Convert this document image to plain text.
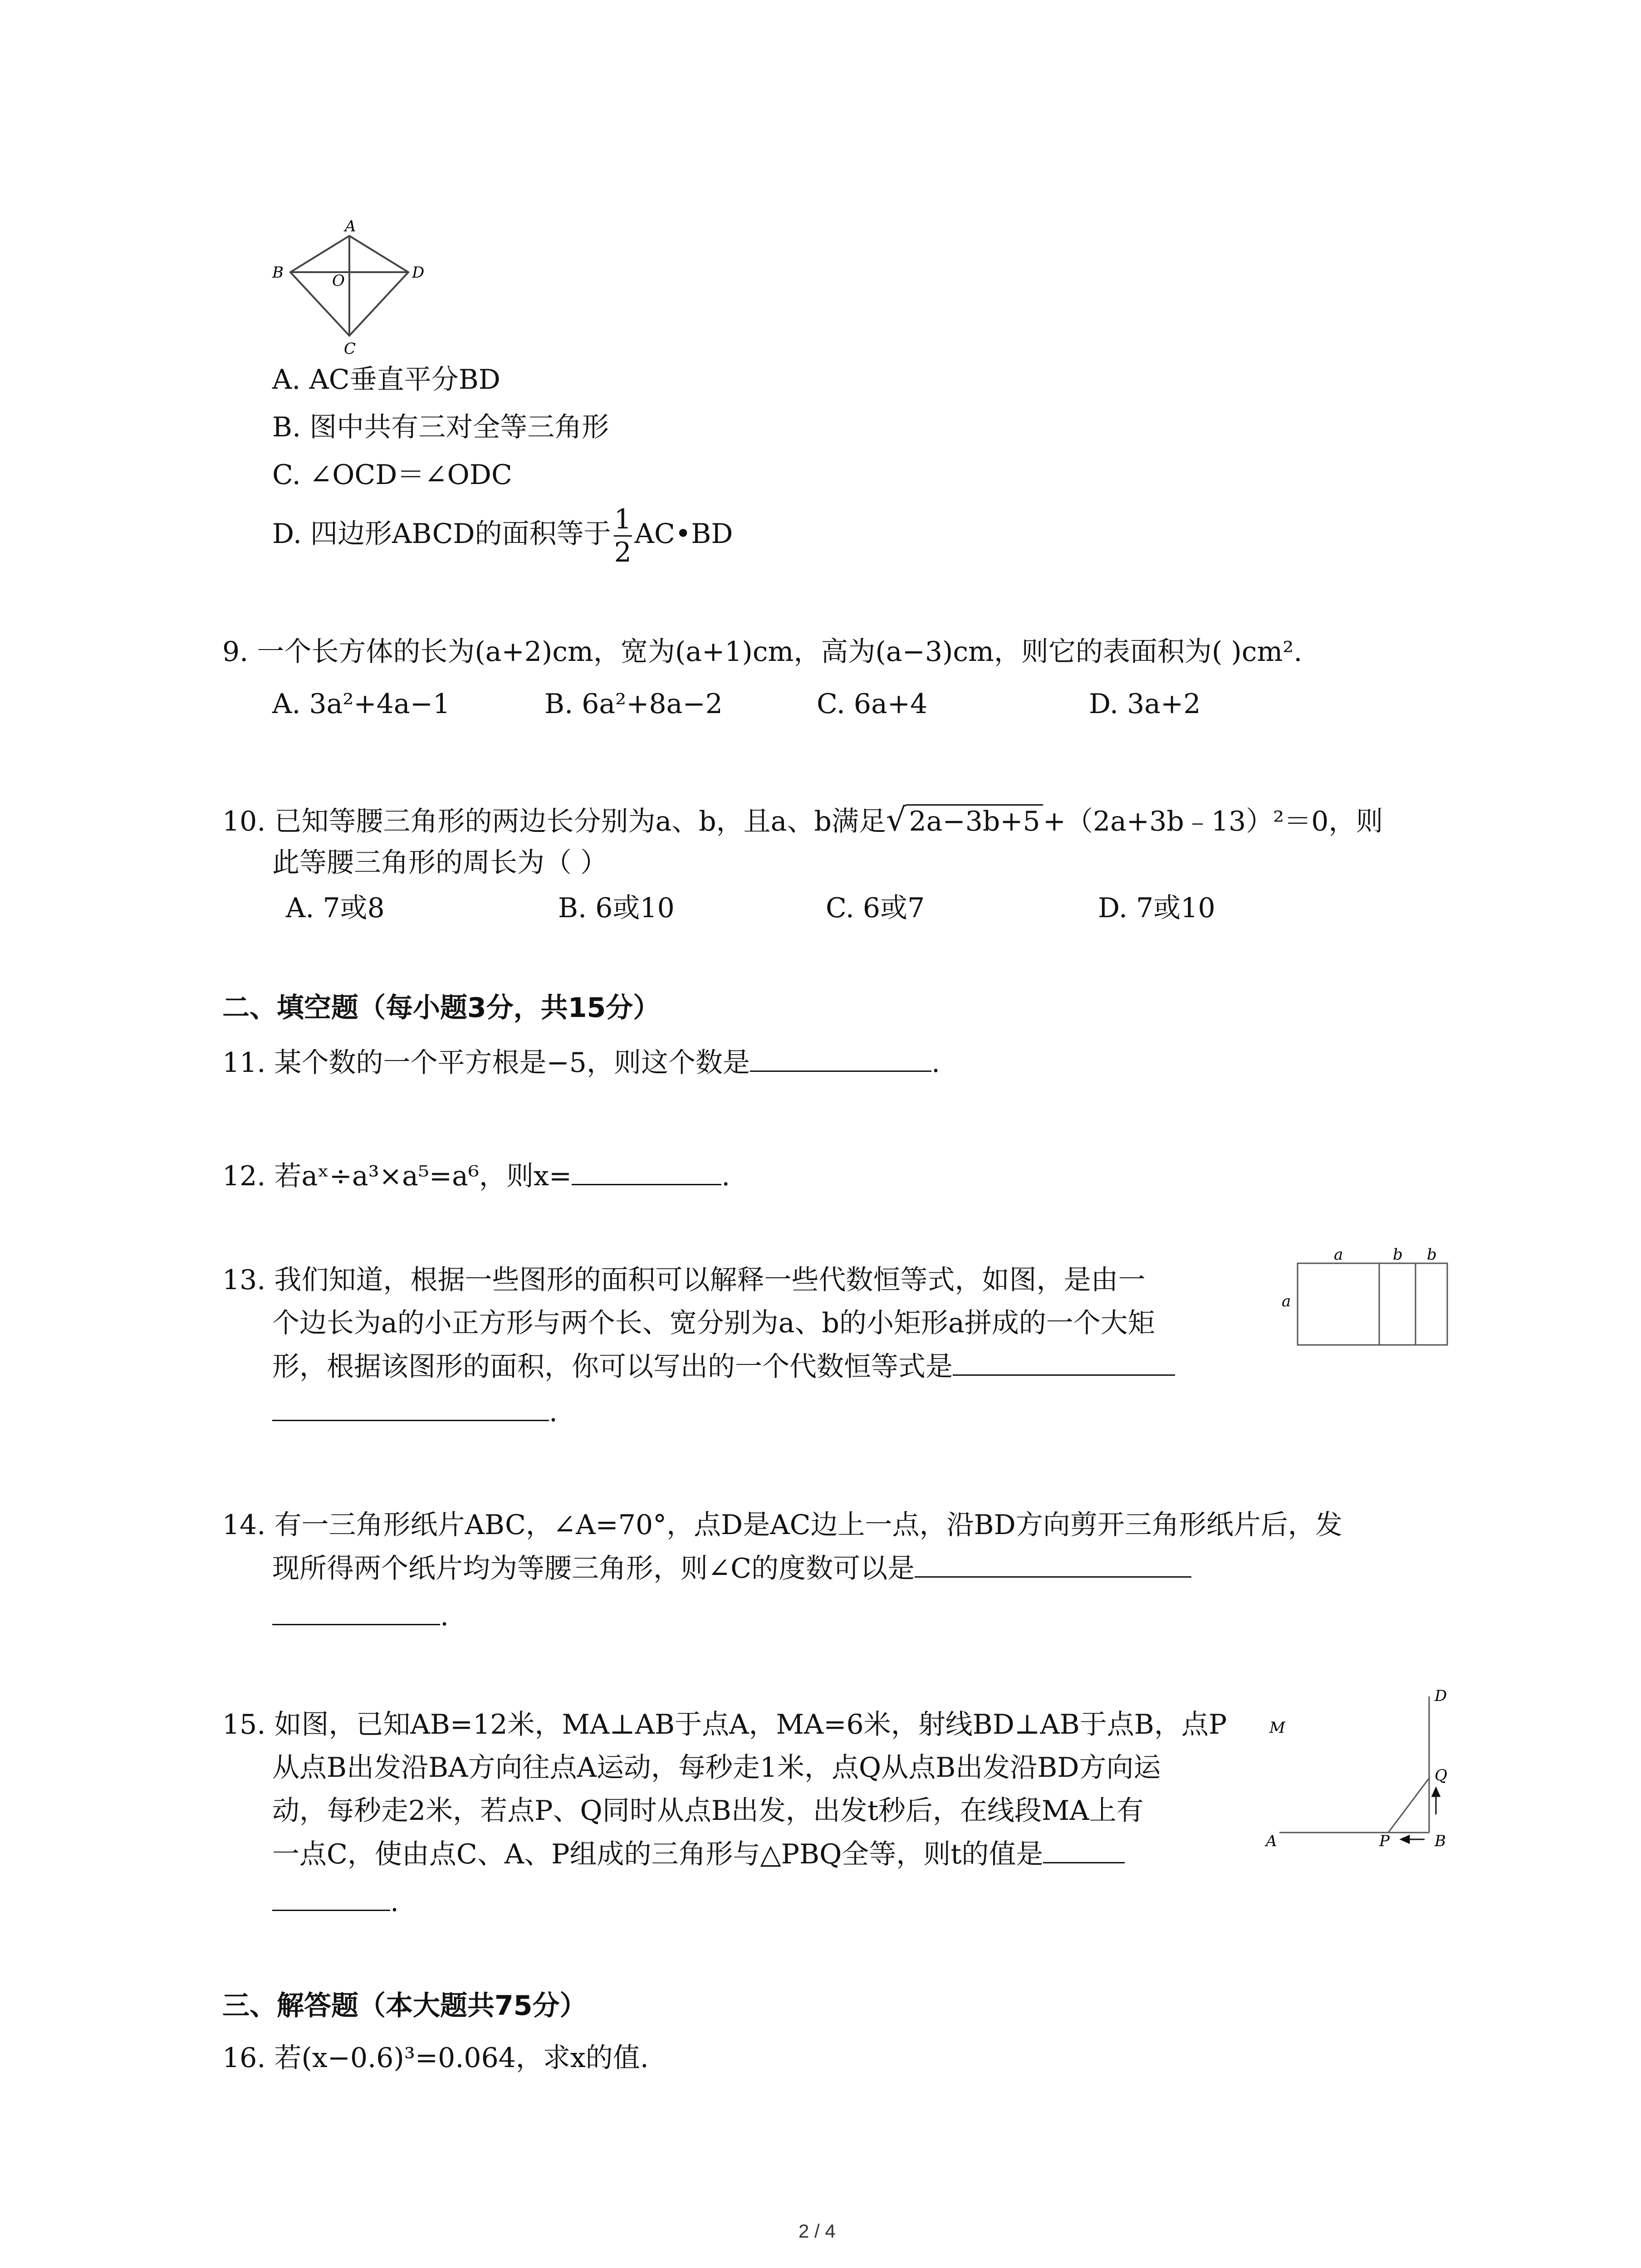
A
B	O	D
C
A. AC垂直平分BD
B. 图中共有三对全等三角形
C. ∠OCD＝∠ODC
D. 四边形ABCD的面积等于 $\frac{1}{2}$ AC•BD
9. 一个长方体的长为(a+2)cm，宽为(a+1)cm，高为(a−3)cm，则它的表面积为( )cm².
A. 3a²+4a−1	B. 6a²+8a−2	C. 6a+4	D. 3a+2
10. 已知等腰三角形的两边长分别为a、b，且a、b满足√ 2a−3b+5 +（2a+3b﹣13）²＝0，则
此等腰三角形的周长为（ ）
A. 7或8	B. 6或10	C. 6或7	D. 7或10
二、填空题（每小题3分，共15分）
11. 某个数的一个平方根是−5，则这个数是	.
12. 若aˣ÷a³×a⁵=a⁶，则x=	.
13. 我们知道，根据一些图形的面积可以解释一些代数恒等式，如图，是由一
个边长为a的小正方形与两个长、宽分别为a、b的小矩形a拼成的一个大矩
形，根据该图形的面积，你可以写出的一个代数恒等式是
.
a	b b
a
14. 有一三角形纸片ABC，∠A=70°，点D是AC边上一点，沿BD方向剪开三角形纸片后，发
现所得两个纸片均为等腰三角形，则∠C的度数可以是
.
15. 如图，已知AB=12米，MA⊥AB于点A，MA=6米，射线BD⊥AB于点B，点P
从点B出发沿BA方向往点A运动，每秒走1米，点Q从点B出发沿BD方向运
动，每秒走2米，若点P、Q同时从点B出发，出发t秒后，在线段MA上有
一点C，使由点C、A、P组成的三角形与△PBQ全等，则t的值是
.
D
M
Q
A	P	B
三、解答题（本大题共75分）
16. 若(x−0.6)³=0.064，求x的值.
2 / 4
